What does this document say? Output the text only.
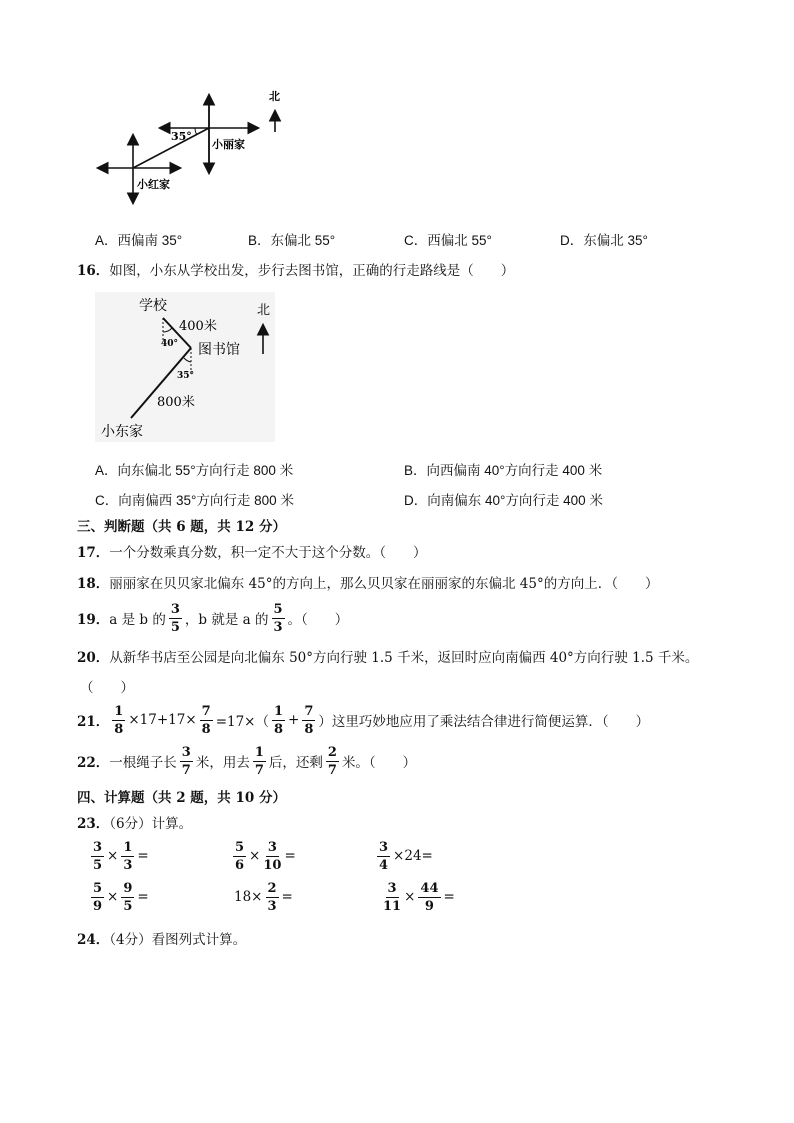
35°
小丽家
小红家
北
A．西偏南 35°	B．东偏北 55°	C．西偏北 55°	D．东偏北 35°
16．如图，小东从学校出发，步行去图书馆，正确的行走路线是（　　）
学校	北
400米
40° 图书馆
35°
800米
小东家
A．向东偏北 55°方向行走 800 米	B．向西偏南 40°方向行走 400 米
C．向南偏西 35°方向行走 800 米	D．向南偏东 40°方向行走 400 米
三、判断题（共 6 题，共 12 分）
17．一个分数乘真分数，积一定不大于这个分数。（　　）
18．丽丽家在贝贝家北偏东 45°的方向上，那么贝贝家在丽丽家的东偏北 45°的方向上．（　　）
19． a 是 b 的 $\frac{3}{5}$ ，b 就是 a 的 $\frac{5}{3}$ 。（　　）
20．从新华书店至公园是向北偏东 50°方向行驶 1.5 千米，返回时应向南偏西 40°方向行驶 1.5 千米。
（　　）
21． $\frac{1}{8} \times 17+17\times \frac{7}{8} =17\times( \frac{1}{8} + \frac{7}{8}$ ）这里巧妙地应用了乘法结合律进行简便运算．（　　）
22． 一根绳子长 $\frac{3}{7}$ 米，用去 $\frac{1}{7}$ 后，还剩 $\frac{2}{7}$ 米。（　　）
四、计算题（共 2 题，共 10 分）
23．（6分）计算。
$\frac{3}{5} \times \frac{1}{3}$ =	$\frac{5}{6} \times \frac{3}{10}$ =	$\frac{3}{4} \times 24=$
$\frac{5}{9} \times \frac{9}{5}$ =	$18\times \frac{2}{3}$ =	$\frac{3}{11} \times \frac{44}{9}$ =
24．（4分）看图列式计算。
